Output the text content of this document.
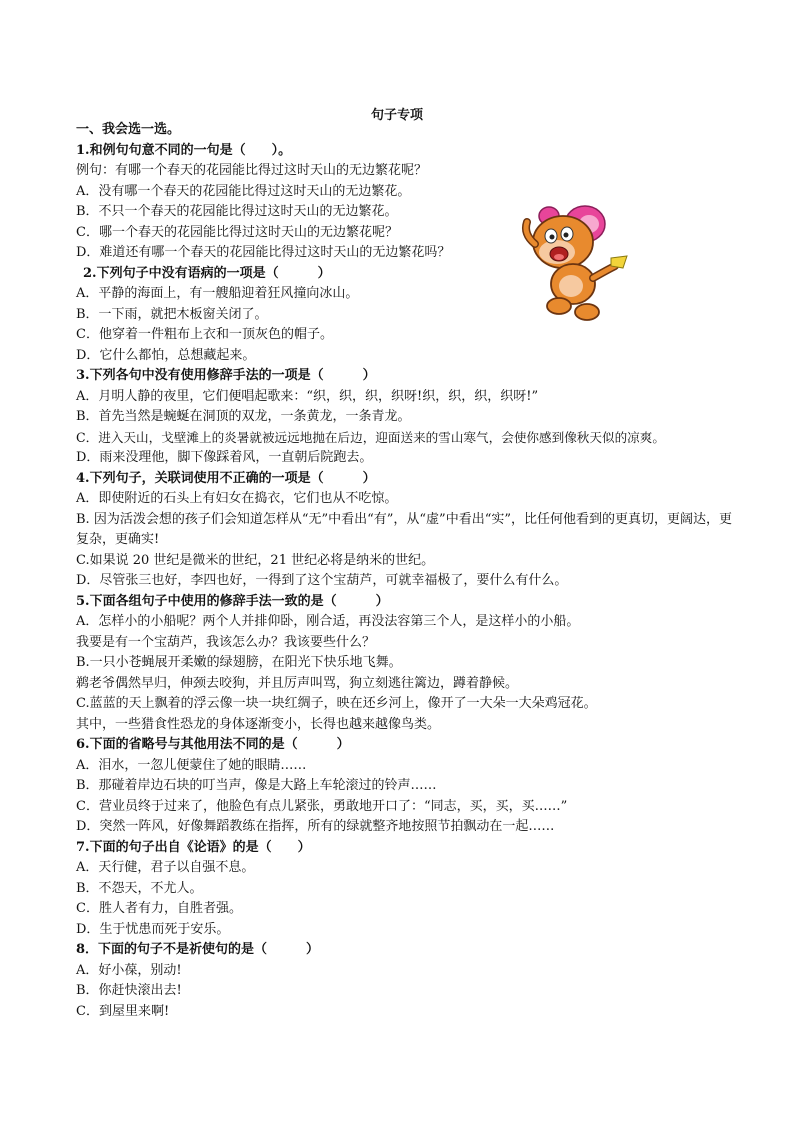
句子专项
一、我会选一选。
1.和例句句意不同的一句是（　　）。
例句：有哪一个春天的花园能比得过这时天山的无边繁花呢？
A．没有哪一个春天的花园能比得过这时天山的无边繁花。
B．不只一个春天的花园能比得过这时天山的无边繁花。
C．哪一个春天的花园能比得过这时天山的无边繁花呢？
D．难道还有哪一个春天的花园能比得过这时天山的无边繁花吗？
2.下列句子中没有语病的一项是（　　　）
A．平静的海面上，有一艘船迎着狂风撞向冰山。
B．一下雨，就把木板窗关闭了。
C．他穿着一件粗布上衣和一顶灰色的帽子。
D．它什么都怕，总想藏起来。
3.下列各句中没有使用修辞手法的一项是（　　　）
A．月明人静的夜里，它们便唱起歌来：“织，织，织，织呀!织，织，织，织呀!”
B．首先当然是蜿蜒在洞顶的双龙，一条黄龙，一条青龙。
C．进入天山，戈壁滩上的炎暑就被远远地抛在后边，迎面送来的雪山寒气，会使你感到像秋天似的凉爽。
D．雨来没理他，脚下像踩着风，一直朝后院跑去。
4.下列句子，关联词使用不正确的一项是（　　　）
A．即使附近的石头上有妇女在捣衣，它们也从不吃惊。
B. 因为活泼会想的孩子们会知道怎样从“无”中看出“有”，从“虚”中看出“实”，比任何他看到的更真切，更阔达，更复杂，更确实!
C.如果说 20 世纪是微米的世纪，21 世纪必将是纳米的世纪。
D．尽管张三也好，李四也好，一得到了这个宝葫芦，可就幸福极了，要什么有什么。
5.下面各组句子中使用的修辞手法一致的是（　　　）
A．怎样小的小船呢？两个人并排仰卧，刚合适，再没法容第三个人，是这样小的小船。
我要是有一个宝葫芦，我该怎么办？我该要些什么？
B.一只小苍蝇展开柔嫩的绿翅膀，在阳光下快乐地飞舞。
鹈老爷偶然早归，伸颈去咬狗，并且厉声叫骂，狗立刻逃往篱边，蹲着静候。
C.蓝蓝的天上飘着的浮云像一块一块红绸子，映在还乡河上，像开了一大朵一大朵鸡冠花。
其中，一些猎食性恐龙的身体逐渐变小，长得也越来越像鸟类。
6.下面的省略号与其他用法不同的是（　　　）
A．泪水，一忽儿便蒙住了她的眼睛……
B．那碰着岸边石块的叮当声，像是大路上车轮滚过的铃声……
C．营业员终于过来了，他脸色有点儿紧张，勇敢地开口了：“同志，买，买，买……”
D．突然一阵风，好像舞蹈教练在指挥，所有的绿就整齐地按照节拍飘动在一起……
7.下面的句子出自《论语》的是（　　）
A．天行健，君子以自强不息。
B．不怨天，不尤人。
C．胜人者有力，自胜者强。
D．生于忧患而死于安乐。
8．下面的句子不是祈使句的是（　　　）
A．好小葆，别动!
B．你赶快滚出去!
C．到屋里来啊!
